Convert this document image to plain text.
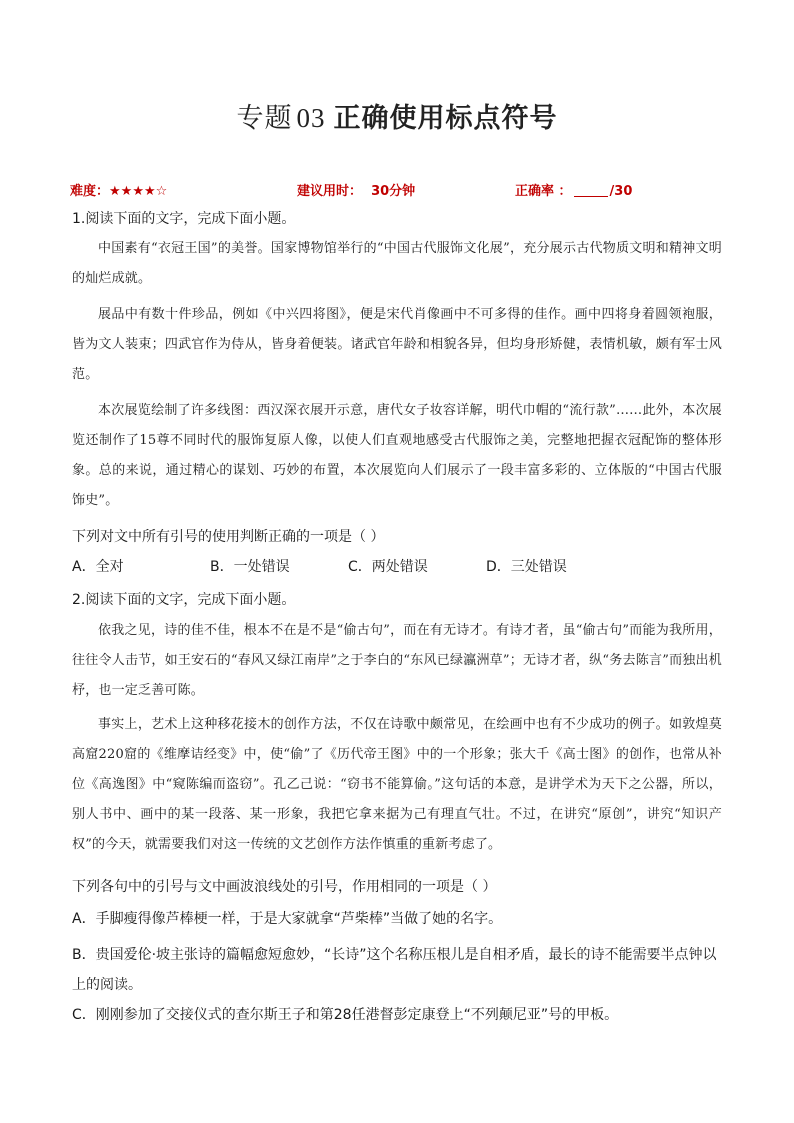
专题 03 正确使用标点符号
难度：★★★★☆	建议用时： 30分钟	正确率 ：	/30
1.阅读下面的文字，完成下面小题。
中国素有“衣冠王国”的美誉。国家博物馆举行的“中国古代服饰文化展”，充分展示古代物质文明和精神文明的灿烂成就。
展品中有数十件珍品，例如《中兴四将图》，便是宋代肖像画中不可多得的佳作。画中四将身着圆领袍服，皆为文人装束；四武官作为侍从，皆身着便装。诸武官年龄和相貌各异，但均身形矫健，表情机敏，颇有军士风范。
本次展览绘制了许多线图：西汉深衣展开示意，唐代女子妆容详解，明代巾帽的“流行款”……此外，本次展览还制作了15尊不同时代的服饰复原人像，以使人们直观地感受古代服饰之美，完整地把握衣冠配饰的整体形象。总的来说，通过精心的谋划、巧妙的布置，本次展览向人们展示了一段丰富多彩的、立体版的“中国古代服饰史”。
下列对文中所有引号的使用判断正确的一项是（ ）
A．全对	B．一处错误	C．两处错误	D．三处错误
2.阅读下面的文字，完成下面小题。
依我之见，诗的佳不佳，根本不在是不是“偷古句”，而在有无诗才。有诗才者，虽“偷古句”而能为我所用，往往令人击节，如王安石的“春风又绿江南岸”之于李白的“东风已绿瀛洲草”；无诗才者，纵“务去陈言”而独出机杼，也一定乏善可陈。
事实上，艺术上这种移花接木的创作方法，不仅在诗歌中颇常见，在绘画中也有不少成功的例子。如敦煌莫高窟220窟的《维摩诘经变》中，使“偷”了《历代帝王图》中的一个形象；张大千《高士图》的创作，也常从补位《高逸图》中“窥陈编而盗窃”。孔乙己说：“窃书不能算偷。”这句话的本意，是讲学术为天下之公器，所以，别人书中、画中的某一段落、某一形象，我把它拿来据为己有理直气壮。不过，在讲究“原创”，讲究“知识产权”的今天，就需要我们对这一传统的文艺创作方法作慎重的重新考虑了。
下列各句中的引号与文中画波浪线处的引号，作用相同的一项是（ ）
A．手脚瘦得像芦棒梗一样，于是大家就拿“芦柴棒”当做了她的名字。
B．贵国爱伦·坡主张诗的篇幅愈短愈妙，“长诗”这个名称压根儿是自相矛盾，最长的诗不能需要半点钟以上的阅读。
C．刚刚参加了交接仪式的查尔斯王子和第28任港督彭定康登上“不列颠尼亚”号的甲板。
